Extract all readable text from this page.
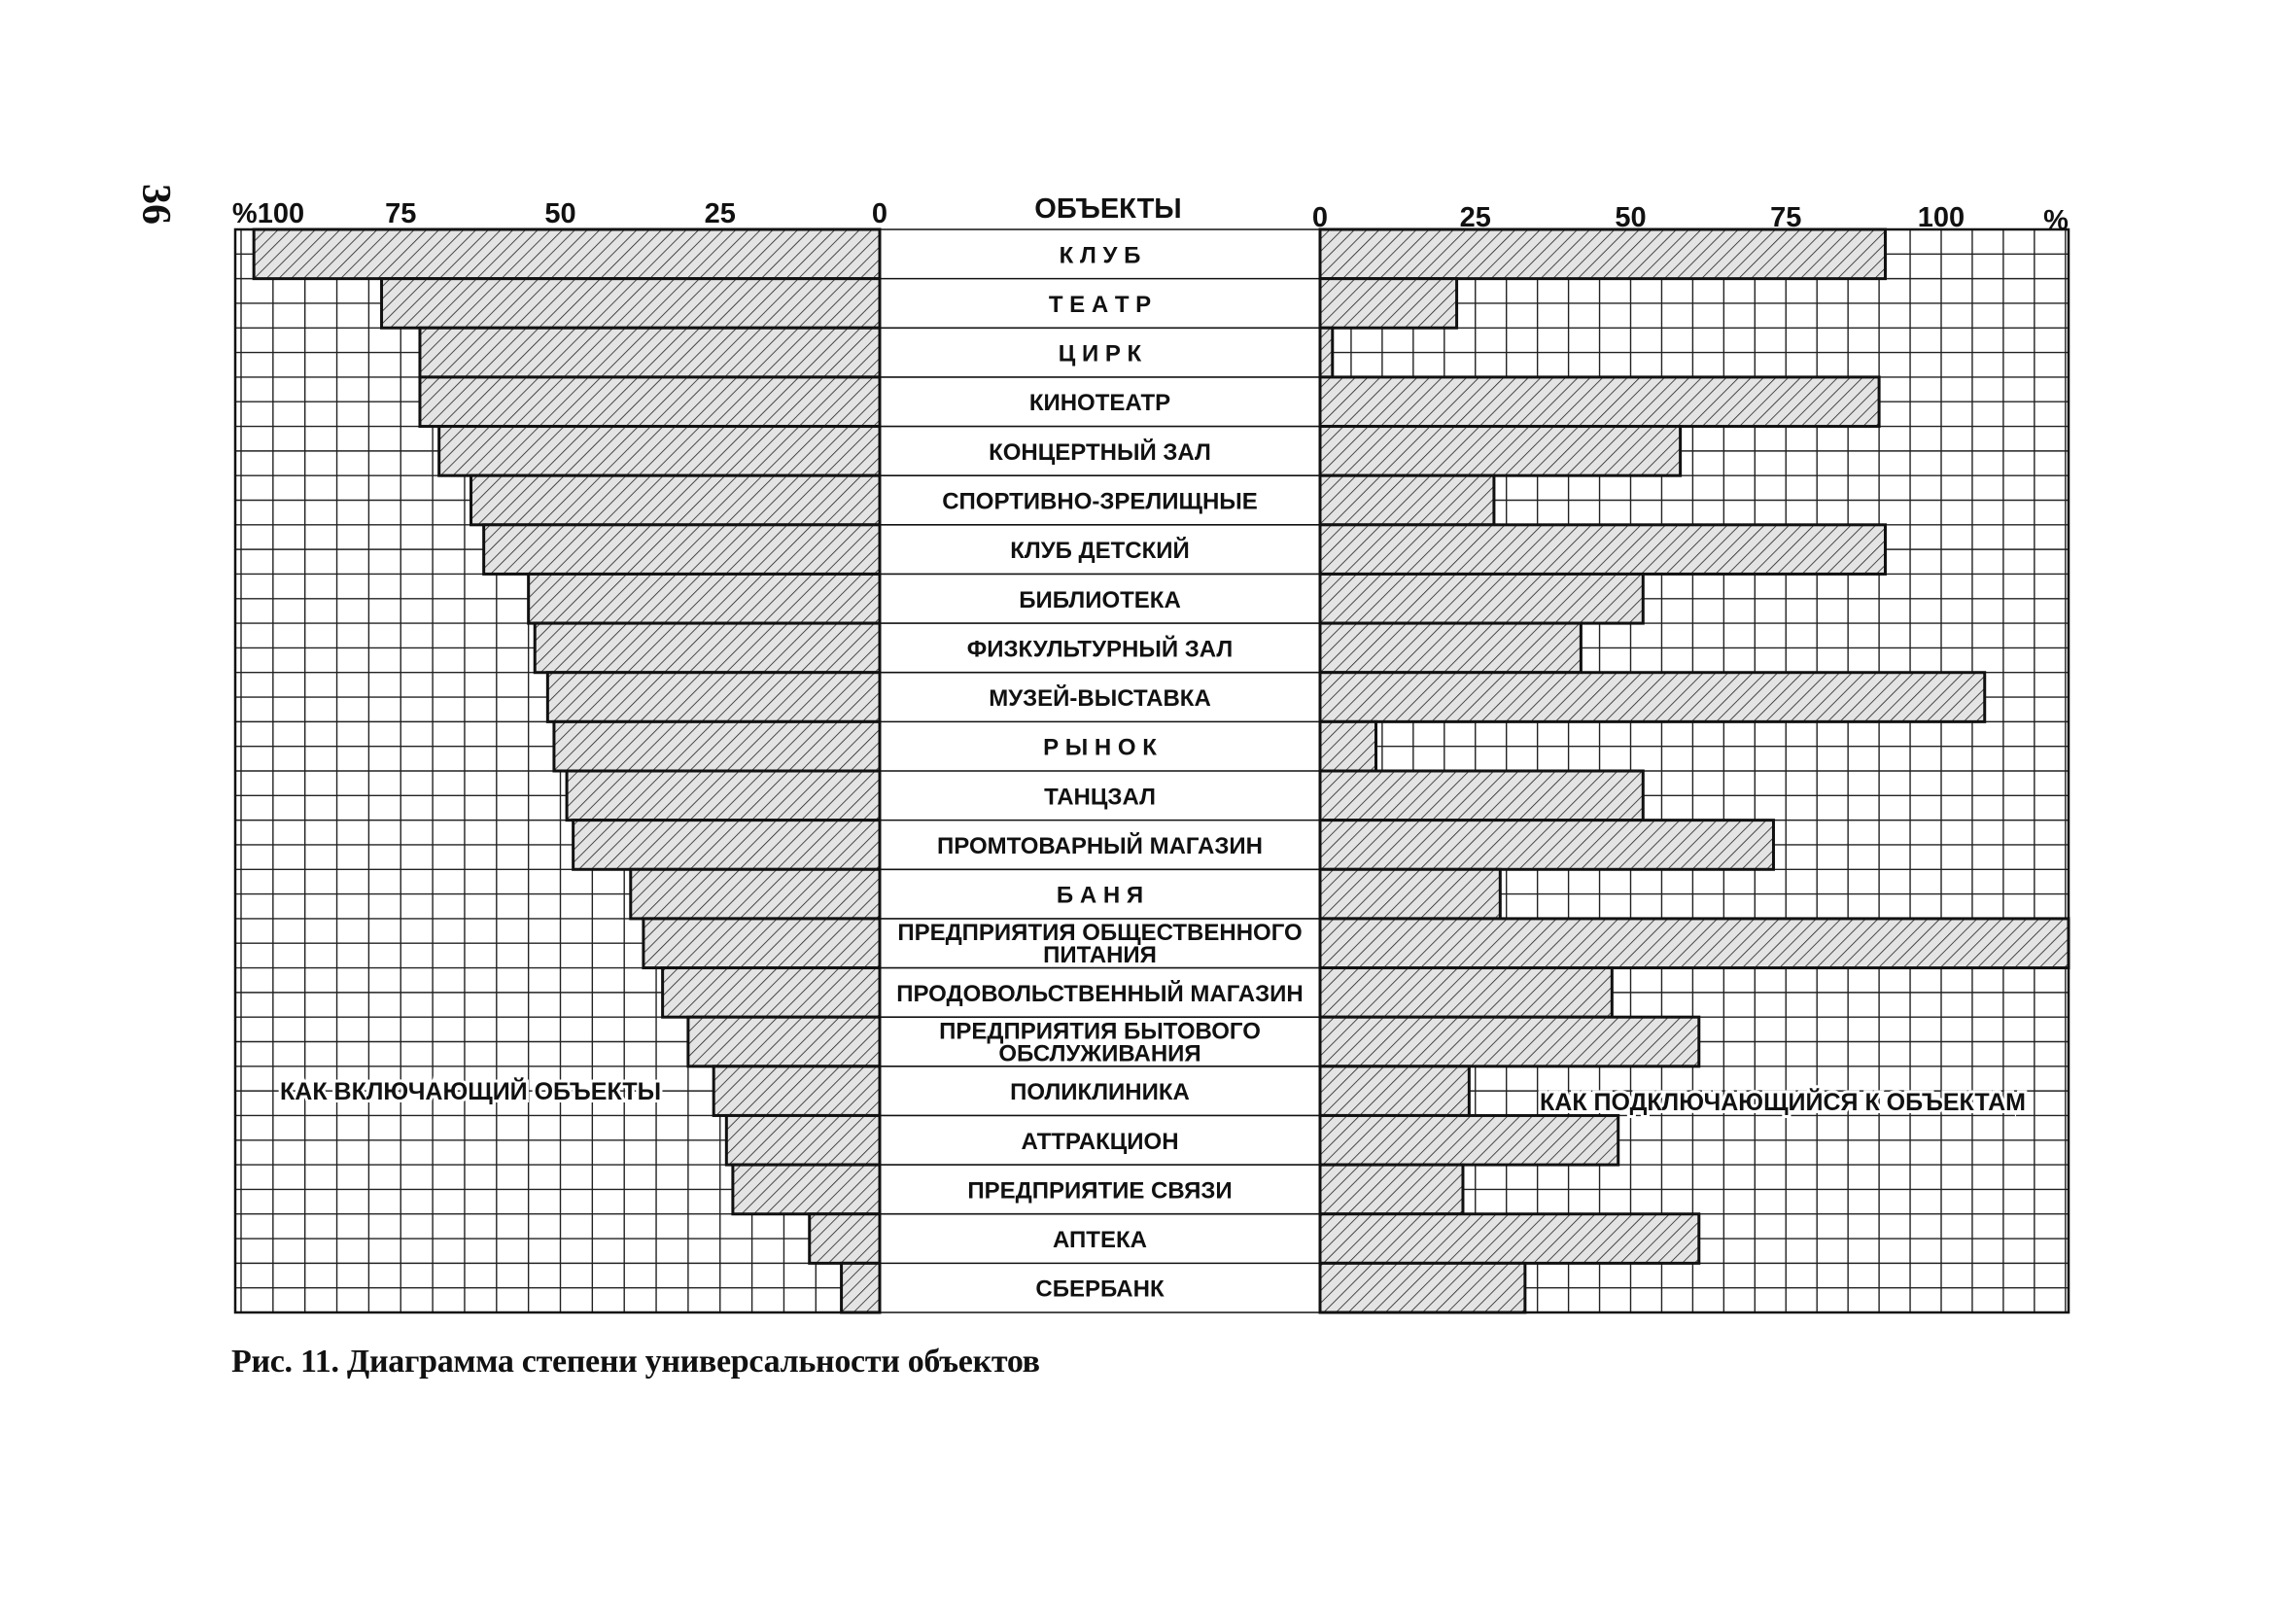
36 %100	75	50	25	0	0	25	50	75	100	%
К Л У Б
Т Е А Т Р
Ц И Р К
КИНОТЕАТР
КОНЦЕРТНЫЙ ЗАЛ
СПОРТИВНО-ЗРЕЛИЩНЫЕ
КЛУБ ДЕТСКИЙ
БИБЛИОТЕКА
ФИЗКУЛЬТУРНЫЙ ЗАЛ
МУЗЕЙ-ВЫСТАВКА
Р Ы Н О К
ТАНЦЗАЛ
ПРОМТОВАРНЫЙ МАГАЗИН
Б А Н Я
ПРЕДПРИЯТИЯ ОБЩЕСТВЕННОГО
ПИТАНИЯ
ПРОДОВОЛЬСТВЕННЫЙ МАГАЗИН
ПРЕДПРИЯТИЯ БЫТОВОГО
ОБСЛУЖИВАНИЯ
ПОЛИКЛИНИКА
АТТРАКЦИОН
ПРЕДПРИЯТИЕ СВЯЗИ
АПТЕКА
СБЕРБАНК
ОБЪЕКТЫ
КАК ВКЛЮЧАЮЩИЙ ОБЪЕКТЫ	КАК ПОДКЛЮЧАЮЩИЙСЯ К ОБЪЕКТАМ
Рис. 11. Диаграмма степени универсальности объектов
